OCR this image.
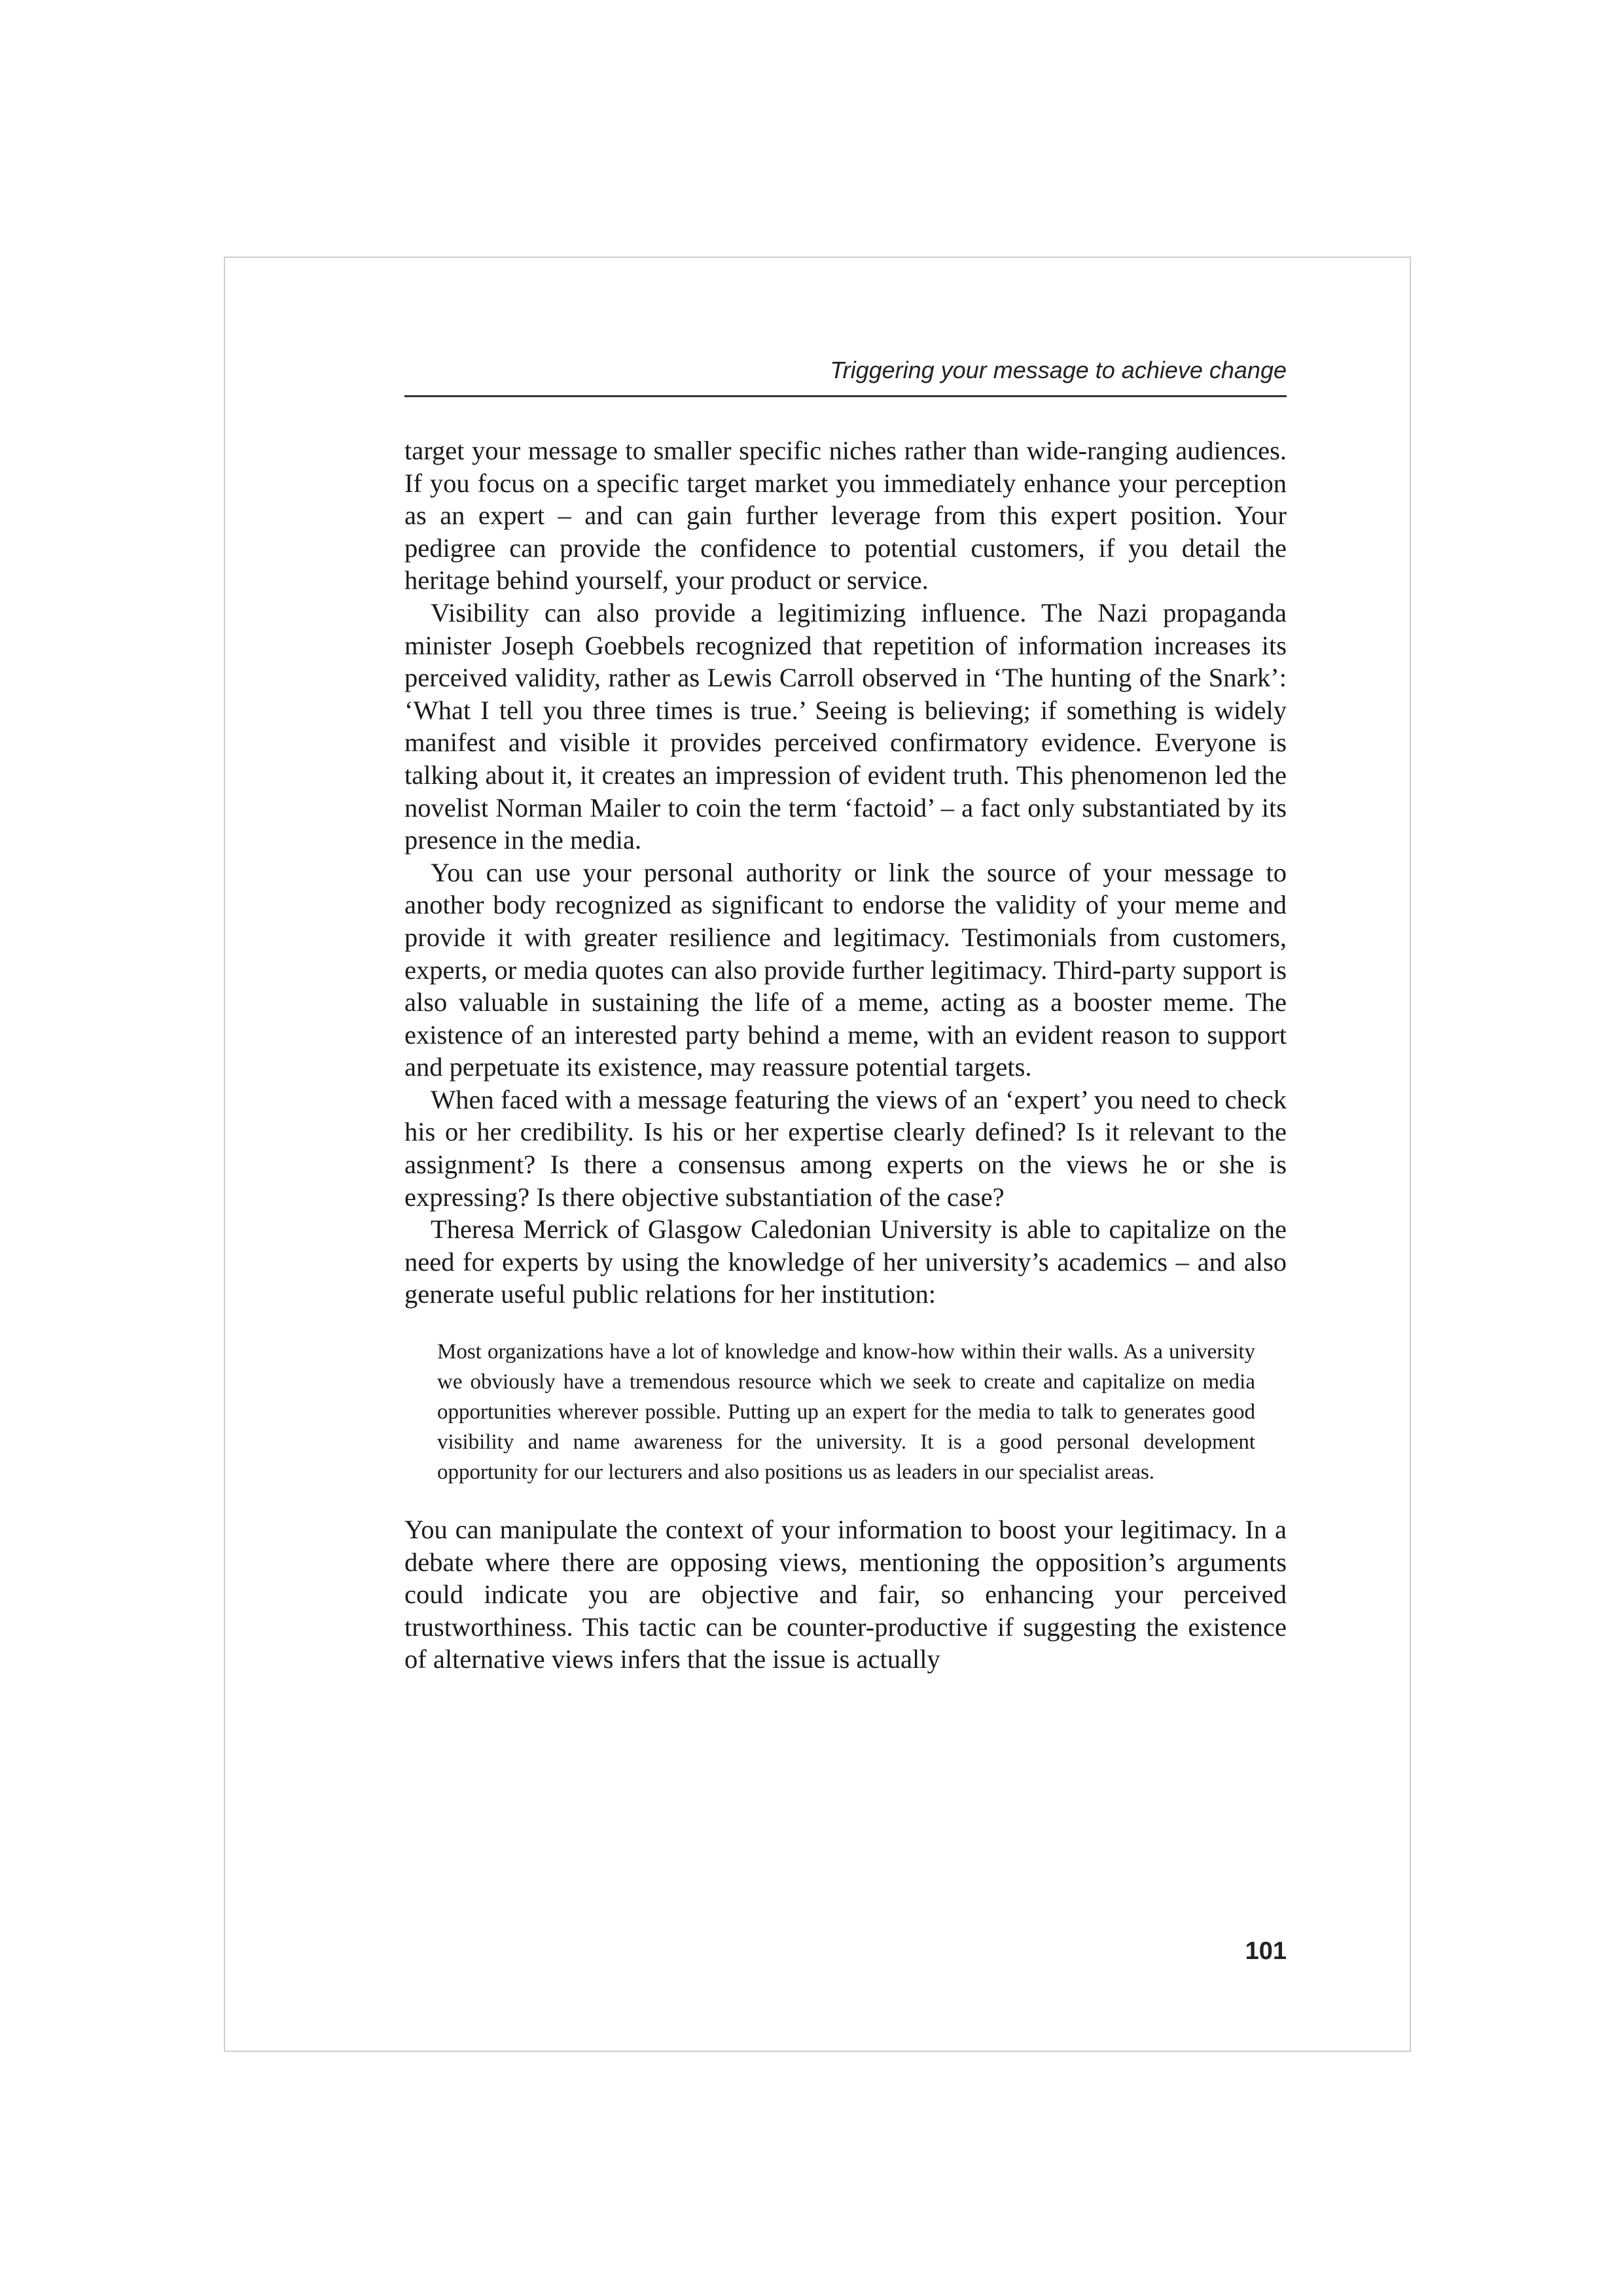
Triggering your message to achieve change

target your message to smaller specific niches rather than wide-ranging audiences. If you focus on a specific target market you immediately enhance your perception as an expert – and can gain further leverage from this expert position. Your pedigree can provide the confidence to potential customers, if you detail the heritage behind yourself, your product or service.

Visibility can also provide a legitimizing influence. The Nazi propaganda minister Joseph Goebbels recognized that repetition of information increases its perceived validity, rather as Lewis Carroll observed in ‘The hunting of the Snark’: ‘What I tell you three times is true.’ Seeing is believing; if something is widely manifest and visible it provides perceived confirmatory evidence. Everyone is talking about it, it creates an impression of evident truth. This phenomenon led the novelist Norman Mailer to coin the term ‘factoid’ – a fact only substantiated by its presence in the media.

You can use your personal authority or link the source of your message to another body recognized as significant to endorse the validity of your meme and provide it with greater resilience and legitimacy. Testimonials from customers, experts, or media quotes can also provide further legitimacy. Third-party support is also valuable in sustaining the life of a meme, acting as a booster meme. The existence of an interested party behind a meme, with an evident reason to support and perpetuate its existence, may reassure potential targets.

When faced with a message featuring the views of an ‘expert’ you need to check his or her credibility. Is his or her expertise clearly defined? Is it relevant to the assignment? Is there a consensus among experts on the views he or she is expressing? Is there objective substantiation of the case?

Theresa Merrick of Glasgow Caledonian University is able to capitalize on the need for experts by using the knowledge of her university’s academics – and also generate useful public relations for her institution:

Most organizations have a lot of knowledge and know-how within their walls. As a university we obviously have a tremendous resource which we seek to create and capitalize on media opportunities wherever possible. Putting up an expert for the media to talk to generates good visibility and name awareness for the university. It is a good personal development opportunity for our lecturers and also positions us as leaders in our specialist areas.

You can manipulate the context of your information to boost your legitimacy. In a debate where there are opposing views, mentioning the opposition’s arguments could indicate you are objective and fair, so enhancing your perceived trustworthiness. This tactic can be counter-productive if suggesting the existence of alternative views infers that the issue is actually

101
